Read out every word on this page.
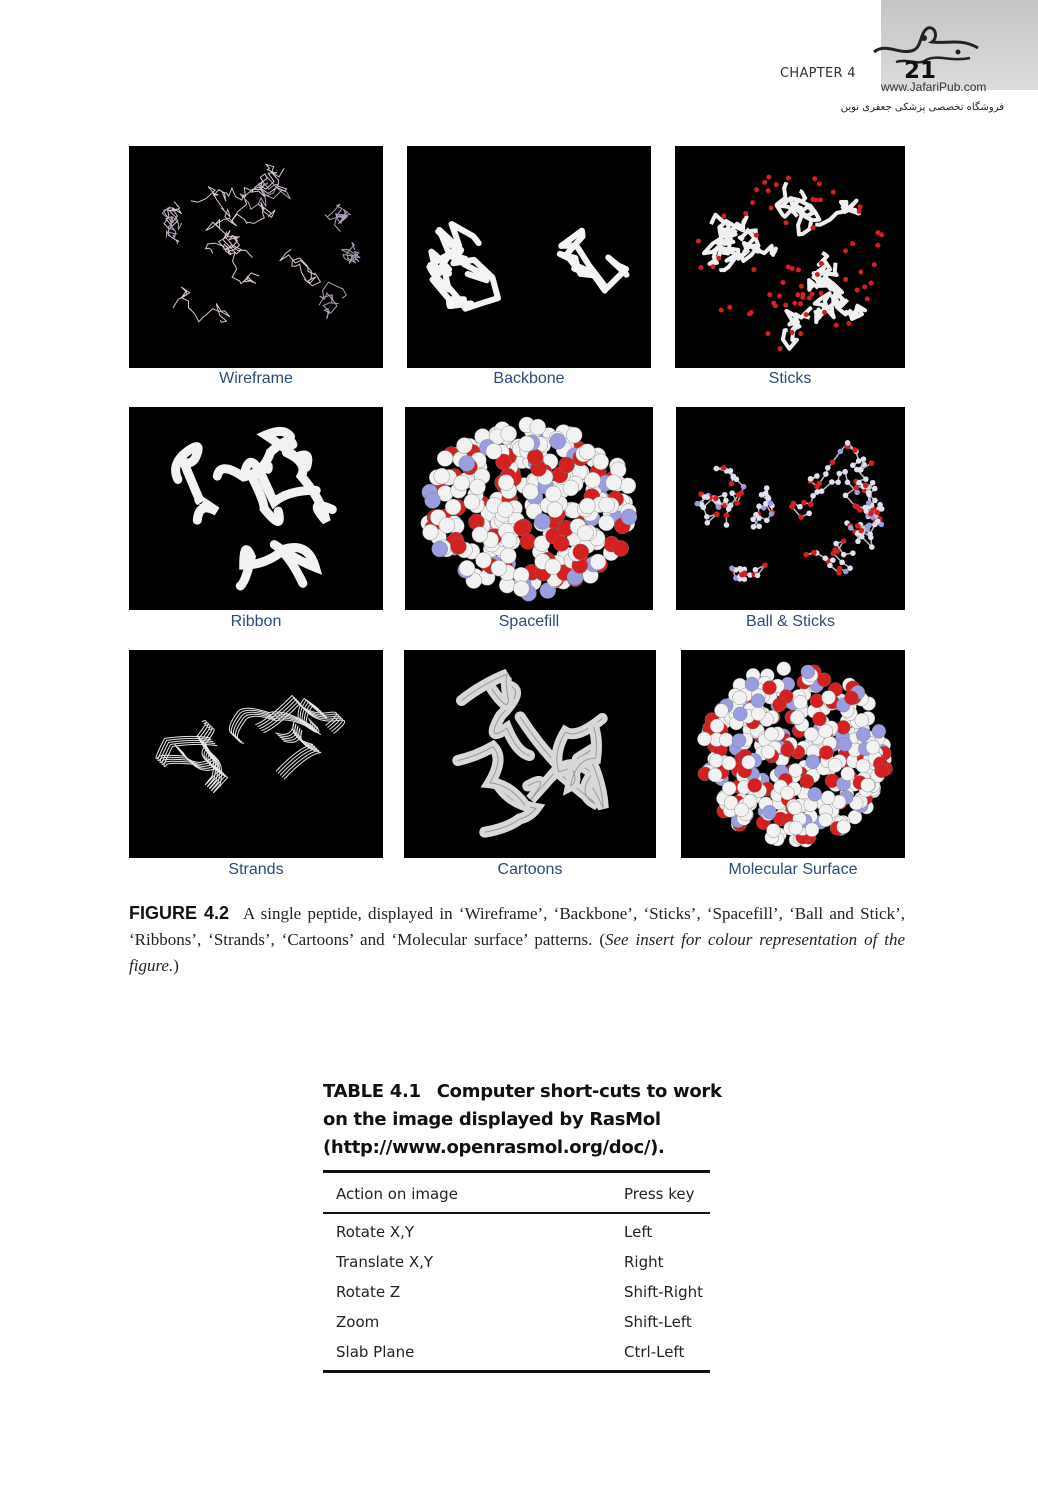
CHAPTER 4 21
www.JafariPub.com
فروشگاه تخصصی پزشکی جعفری نوین
Wireframe	Backbone	Sticks
Ribbon	Spacefill	Ball & Sticks
Strands	Cartoons	Molecular Surface
FIGURE 4.2 A single peptide, displayed in ‘Wireframe’, ‘Backbone’, ‘Sticks’, ‘Spacefill’, ‘Ball and Stick’, ‘Ribbons’, ‘Strands’, ‘Cartoons’ and ‘Molecular surface’ patterns. (See insert for colour representation of the figure.)
TABLE 4.1 Computer short-cuts to work on the image displayed by RasMol (http://www.openrasmol.org/doc/).
Action on image	Press key
Rotate X,Y	Left
Translate X,Y	Right
Rotate Z	Shift-Right
Zoom	Shift-Left
Slab Plane	Ctrl-Left
